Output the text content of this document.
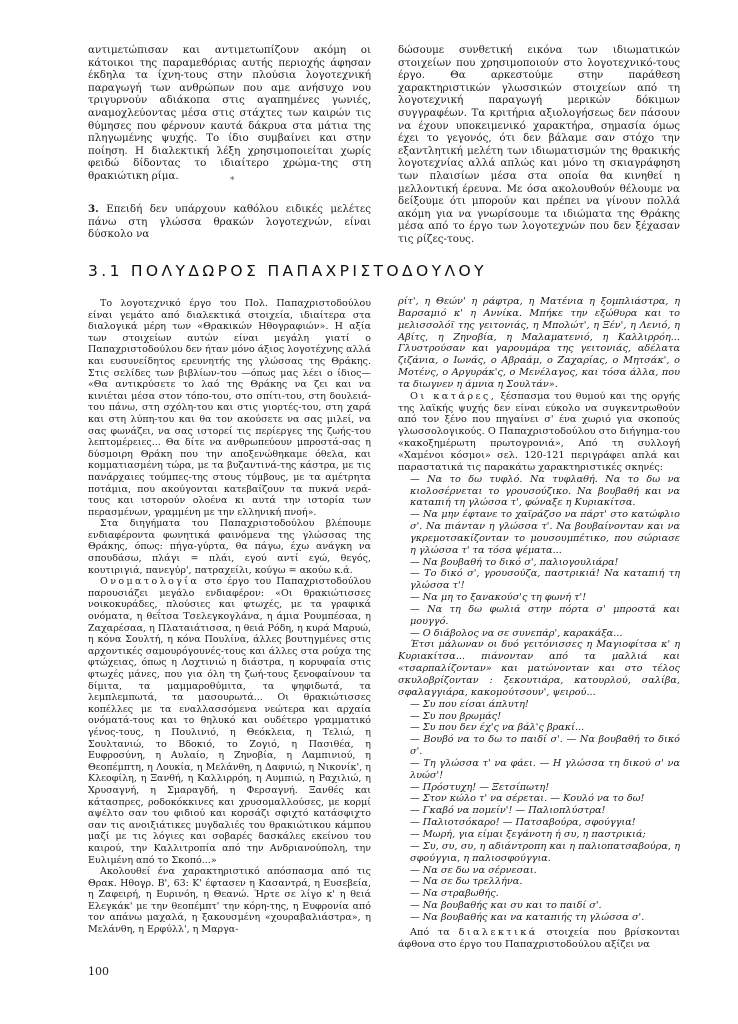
αντιμετώπισαν και αντιμετωπίζουν ακόμη οι κάτοικοι της παραμεθόριας αυτής περιοχής άφησαν έκδηλα τα ίχνη-τους στην πλούσια λογοτεχνική παραγωγή των ανθρώπων που αμε ανήσυχο νου τριγυρνούν αδιάκοπα στις αγαπημένες γωνιές, αναμοχλεύοντας μέσα στις στάχτες των καιρών τις θύμησες που φέρνουν καυτά δάκρυα στα μάτια της πληγωμένης ψυχής. Το ίδιο συμβαίνει και στην ποίηση. Η διαλεκτική λέξη χρησιμοποιείται χωρίς φειδώ δίδοντας το ιδιαίτερο χρώμα-της στη θρακιώτικη ρίμα.	*

3. Επειδή δεν υπάρχουν καθόλου ειδικές μελέτες πάνω στη γλώσσα θρακών λογοτεχνών, είναι δύσκολο να

δώσουμε συνθετική εικόνα των ιδιωματικών στοιχείων που χρησιμοποιούν στο λογοτεχνικό-τους έργο. Θα αρκεστούμε στην παράθεση χαρακτηριστικών γλωσσικών στοιχείων από τη λογοτεχνική παραγωγή μερικών δόκιμων συγγραφέων. Τα κριτήρια αξιολογήσεως δεν πάσουν να έχουν υποκειμενικό χαρακτήρα, σημασία όμως έχει το γεγονός, ότι δεν βάλαμε σαν στόχο την εξαντλητική μελέτη των ιδιωματισμών της θρακικής λογοτεχνίας αλλά απλώς και μόνο τη σκιαγράφηση των πλαισίων μέσα στα οποία θα κινηθεί η μελλοντική έρευνα. Με όσα ακολουθούν θέλουμε να δείξουμε ότι μπορούν και πρέπει να γίνουν πολλά ακόμη για να γνωρίσουμε τα ιδιώματα της Θράκης μέσα από το έργο των λογοτεχνών που δεν ξέχασαν τις ρίζες-τους.

3.1 ΠΟΛΥΔΩΡΟΣ ΠΑΠΑΧΡΙΣΤΟΔΟΥΛΟΥ

Το λογοτεχνικό έργο του Πολ. Παπαχριστοδούλου είναι γεμάτο από διαλεκτικά στοιχεία, ιδιαίτερα στα διαλογικά μέρη των «Θρακικών Ηθογραφιών». Η αξία των στοιχείων αυτών είναι μεγάλη γιατί ο Παπαχριστοδούλου δεν ήταν μόνο άξιος λογοτέχνης αλλά και ευσυνείδητος ερευνητής της γλώσσας της Θράκης. Στις σελίδες των βιβλίων-του —όπως μας λέει ο ίδιος— «Θα αντικρύσετε το λαό της Θράκης να ζει και να κινιέται μέσα στον τόπο-του, στο σπίτι-του, στη δουλειά-του πάνω, στη σχόλη-του και στις γιορτές-του, στη χαρά και στη λύπη-του και θα τον ακούσετε να σας μιλεί, να σας φωνάζει, να σας ιστορεί τις περίεργες της ζωής-του λεπτομέρειες... Θα δίτε να ανθρωπεύουν μπροστά-σας η δύσμοιρη Θράκη που την αποξενώθηκαμε όθελα, και κομματιασμένη τώρα, με τα βυζαντινά-της κάστρα, με τις πανάρχαιες τούμπες-της στους τύμβους, με τα αμέτρητα ποτάμια, που ακούγονται κατεβαίζουν τα πυκνά νερά-τους και ιστορούν ολοένα κι αυτά την ιστορία των περασμένων, γραμμένη με την ελληνική πνοή».

Στα διηγήματα του Παπαχριστοδούλου βλέπουμε ενδιαφέροντα φωνητικά φαινόμενα της γλώσσας της Θράκης, όπως: πήγα-γύρτα, θα πάγω, έχω ανάγκη να σπουδάσω, πλάγι = πλάι, εγού αντί εγώ, θεγός, κουτιριγιά, πανεγύρ', πατραχείλι, κούγω = ακούω κ.ά.

Ονοματολογία στο έργο του Παπαχριστοδούλου παρουσιάζει μεγάλο ενδιαφέρον: «Οι θρακιώτισσες νοικοκυράδες, πλούσιες και φτωχές, με τα γραφικά ονόματα, η θεΐτσα Τσελεγκογλάνα, η άμια Ρουμπέσαα, η Ζαχαρέσαα, η Πλαταιάτισσα, η θειά Ρόδη, η κυρά Μαρυώ, η κόνα Σουλτή, η κόνα Πουλίνα, άλλες βουτηγμένες στις αρχοντικές σαμουρόγουνές-τους και άλλες στα ρούχα της φτώχειας, όπως η Λοχτινιώ η διάστρα, η κορυφαία στις φτωχές μάνες, που για όλη τη ζωή-τους ξενοφαίνουν τα δίμιτα, τα μαμμαροθύμιτα, τα ψηφιδωτά, τα λεμπλεμπωτά, τα μασουρωτά... Οι θρακιώτισσες κοπέλλες με τα εναλλασσόμενα νεώτερα και αρχαία ονόματά-τους και το θηλυκό και ουδέτερο γραμματικό γένος-τους, η Πουλινιό, η Θεόκλεια, η Τελιώ, η Σουλτανιώ, το Βδοκιό, το Ζογιό, η Πασιθέα, η Ευφροσύνη, η Αυλαίο, η Ζηνοβία, η Λαμπινιού, η Θεοπέμπτη, η Λουκία, η Μελάνθη, η Δαφνιώ, η Νικονίκ', η Κλεοφίλη, η Ξανθή, η Καλλιρρόη, η Αυμπιώ, η Ραχιλιώ, η Χρυσαγνή, η Σμαραγδή, η Φερσαγνή. Ξανθές και κάτασπρες, ροδοκόκκινες και χρυσομαλλούσες, με κορμί αψέλτο σαν του φιδιού και κορσάζι σφιχτό κατάσφιχτο σαν τις ανοιξιάτικες μυγδαλιές του θρακιώτικου κάμπου μαζί με τις λόγιες και σοβαρές δασκάλες εκείνου του καιρού, την Καλλιτροπία από την Ανδριανούπολη, την Ευλιμένη από το Σκοπό...»

Ακολουθεί ένα χαρακτηριστικό απόσπασμα από τις Θρακ. Ηθογρ. Β', 63: Κ' έφτασεν η Κασαντρά, η Ευσεβεία, η Ζαφειρή, η Ευρινόη, η Θεανώ. Ήρτε σε λίγο κ' η θειά Ελεγκάκ' με την θεοπέμπτ' την κόρη-της, η Ευφρονία από τον απάνω μαχαλά, η ξακουσμένη «χουραβαλιάστρα», η Μελάνθη, η Ερφύλλ', η Μαργα-

ρίτ', η Θεών' η ράφτρα, η Ματένια η ξομπλιάστρα, η Βαρσαμιό κ' η Αννίκα. Μπήκε την εξώθυρα και το μελισσολόϊ της γειτονιάς, η Μπολώτ', η Ξέν', η Λενιό, η Αβίτς, η Ζηνοβία, η Μαλαματενιό, η Καλλιρρόη... Γλυστρούσαν και γαρουμάρα της γειτονιάς, αδέλατα ζιζάνια, ο Ιωνάς, ο Αβραάμ, ο Ζαχαρίας, ο Μητσάκ', ο Μοτένς, ο Αργυράκ'ς, ο Μενέλαγος, και τόσα άλλα, που τα διωγνεν η άμνια η Σουλτάν».

Οι κατάρες, ξέσπασμα του θυμού και της οργής της λαϊκής ψυχής δεν είναι εύκολο να συγκεντρωθούν από τον ξένο που πηγαίνει σ' ένα χωριό για σκοπούς γλωσσολογικούς. Ο Παπαχριστοδούλου στο διήγημα-του «κακοξημέρωτη πρωτογρονιά», Από τη συλλογή «Χαμένοι κόσμοι» σελ. 120-121 περιγράφει απλά και παραστατικά τις παρακάτω χαρακτηριστικές σκηνές:

— Να το δω τυφλό. Να τυφλαθή. Να το δω να κιολοσέρνεται το γρουσούζικο. Να βουβαθή και να καταπιή τη γλώσσα τ', φώναξε η Κυριακίτσα.

— Να μην έφτανε το χαϊράζσο να πάρτ' στο κατώφλιο σ'. Να πιάνταν η γλώσσα τ'. Να βουβαίνονταν και να γκρεμοτσακίζονταν το μουσουμπέτικο, που σώριασε η γλώσσα τ' τα τόσα ψέματα...

— Να βουβαθή το δικό σ', παλιογουλιάρα!

— Το δικό σ', γρουσούζα, παστρικιά! Να καταπιή τη γλώσσα τ'!

— Να μη το ξανακούσ'ς τη φωνή τ'!

— Να τη δω φωλιά στην πόρτα σ' μπροστά και μουγγό.

— Ο διάβολος να σε συνεπάρ', καρακάξα...

Έτσι μάλωναν οι δυό γειτόνισσες η Μαγιοφίτσα κ' η Κυριακίτσα... πιάνονταν από τα μαλλιά και «τσαρπαλίζονταν» και ματώνονταν και στο τέλος σκυλοβρίζονταν : ξεκουτιάρα, κατουρλού, σαλίβα, σφαλαγγιάρα, κακομούτσουν', ψειρού...

— Συ που είσαι άπλυτη!

— Συ που βρωμάς!

— Συ που δεν έχ'ς να βάλ'ς βρακί...

— Βουβό να το δω το παιδί σ'. — Να βουβαθή το δικό σ'.

— Τη γλώσσα τ' να φάει. — Η γλώσσα τη δικού σ' να λυώσ'!

— Πρόστυχη! — Ξετσίπωτη!

— Στον κώλο τ' να σέρεται. — Κουλό να το δω!

— Γκαβό να πομείν'! — Παλιοπλύστρα!

— Παλιοτσόκαρο! — Πατσαβούρα, σφούγγια!

— Μωρή, για είμαι ξεγάνοτη ή συ, η παστρικιά;

— Συ, συ, συ, η αδιάντροπη και η παλιοπατσαβούρα, η σφούγγια, η παλιοσφούγγια.

— Να σε δω να σέρνεσαι.

— Να σε δω τρελλήνα.

— Να στραβωθής.

— Να βουβαθής και συ και το παιδί σ'.

— Να βουβαθής και να καταπιής τη γλώσσα σ'.

Από τα διαλεκτικά στοιχεία που βρίσκονται άφθονα στο έργο του Παπαχριστοδούλου αξίζει να

100
